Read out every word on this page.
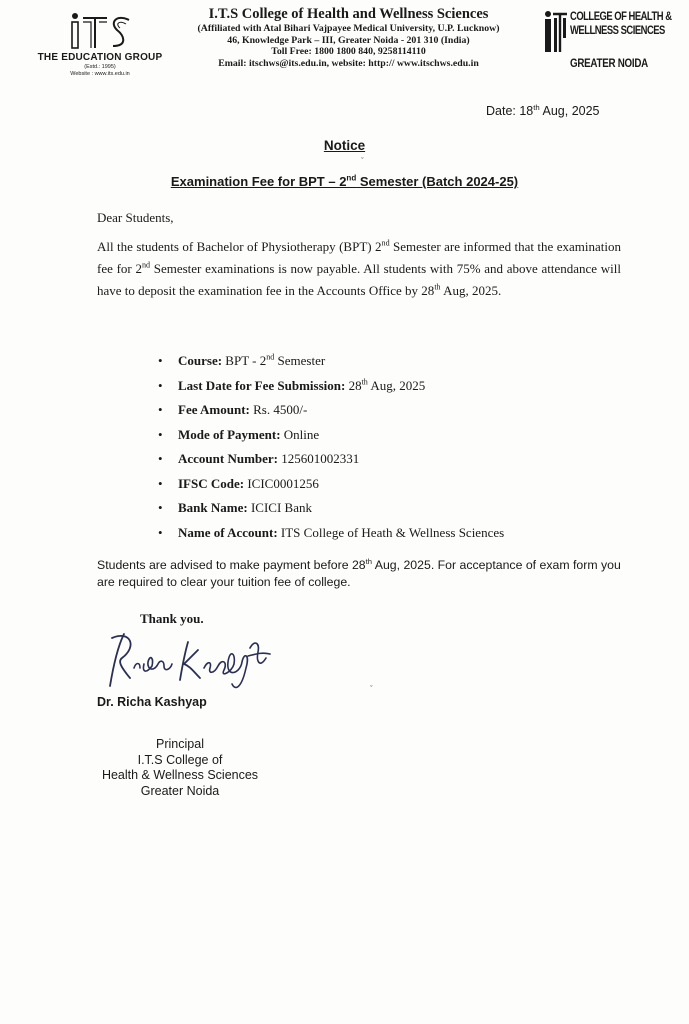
THE EDUCATION GROUP
(Estd.: 1995)
Website : www.its.edu.in
I.T.S College of Health and Wellness Sciences
(Affiliated with Atal Bihari Vajpayee Medical University, U.P. Lucknow)
46, Knowledge Park – III, Greater Noida - 201 310 (India)
Toll Free: 1800 1800 840, 9258114110
Email: itschws@its.edu.in, website: http:// www.itschws.edu.in
COLLEGE OF HEALTH &
WELLNESS SCIENCES
GREATER NOIDA
Date: 18th Aug, 2025
Notice
ˇ
Examination Fee for BPT – 2nd Semester (Batch 2024-25)
Dear Students,
All the students of Bachelor of Physiotherapy (BPT) 2nd Semester are informed that the examination fee for 2nd Semester examinations is now payable. All students with 75% and above attendance will have to deposit the examination fee in the Accounts Office by 28th Aug, 2025.
• Course: BPT - 2nd Semester
• Last Date for Fee Submission: 28th Aug, 2025
• Fee Amount: Rs. 4500/-
• Mode of Payment: Online
• Account Number: 125601002331
• IFSC Code: ICIC0001256
• Bank Name: ICICI Bank
• Name of Account: ITS College of Heath & Wellness Sciences
Students are advised to make payment before 28th Aug, 2025. For acceptance of exam form you are required to clear your tuition fee of college.
Thank you.
Dr. Richa Kashyap
ˇ
Principal
I.T.S College of
Health & Wellness Sciences
Greater Noida
